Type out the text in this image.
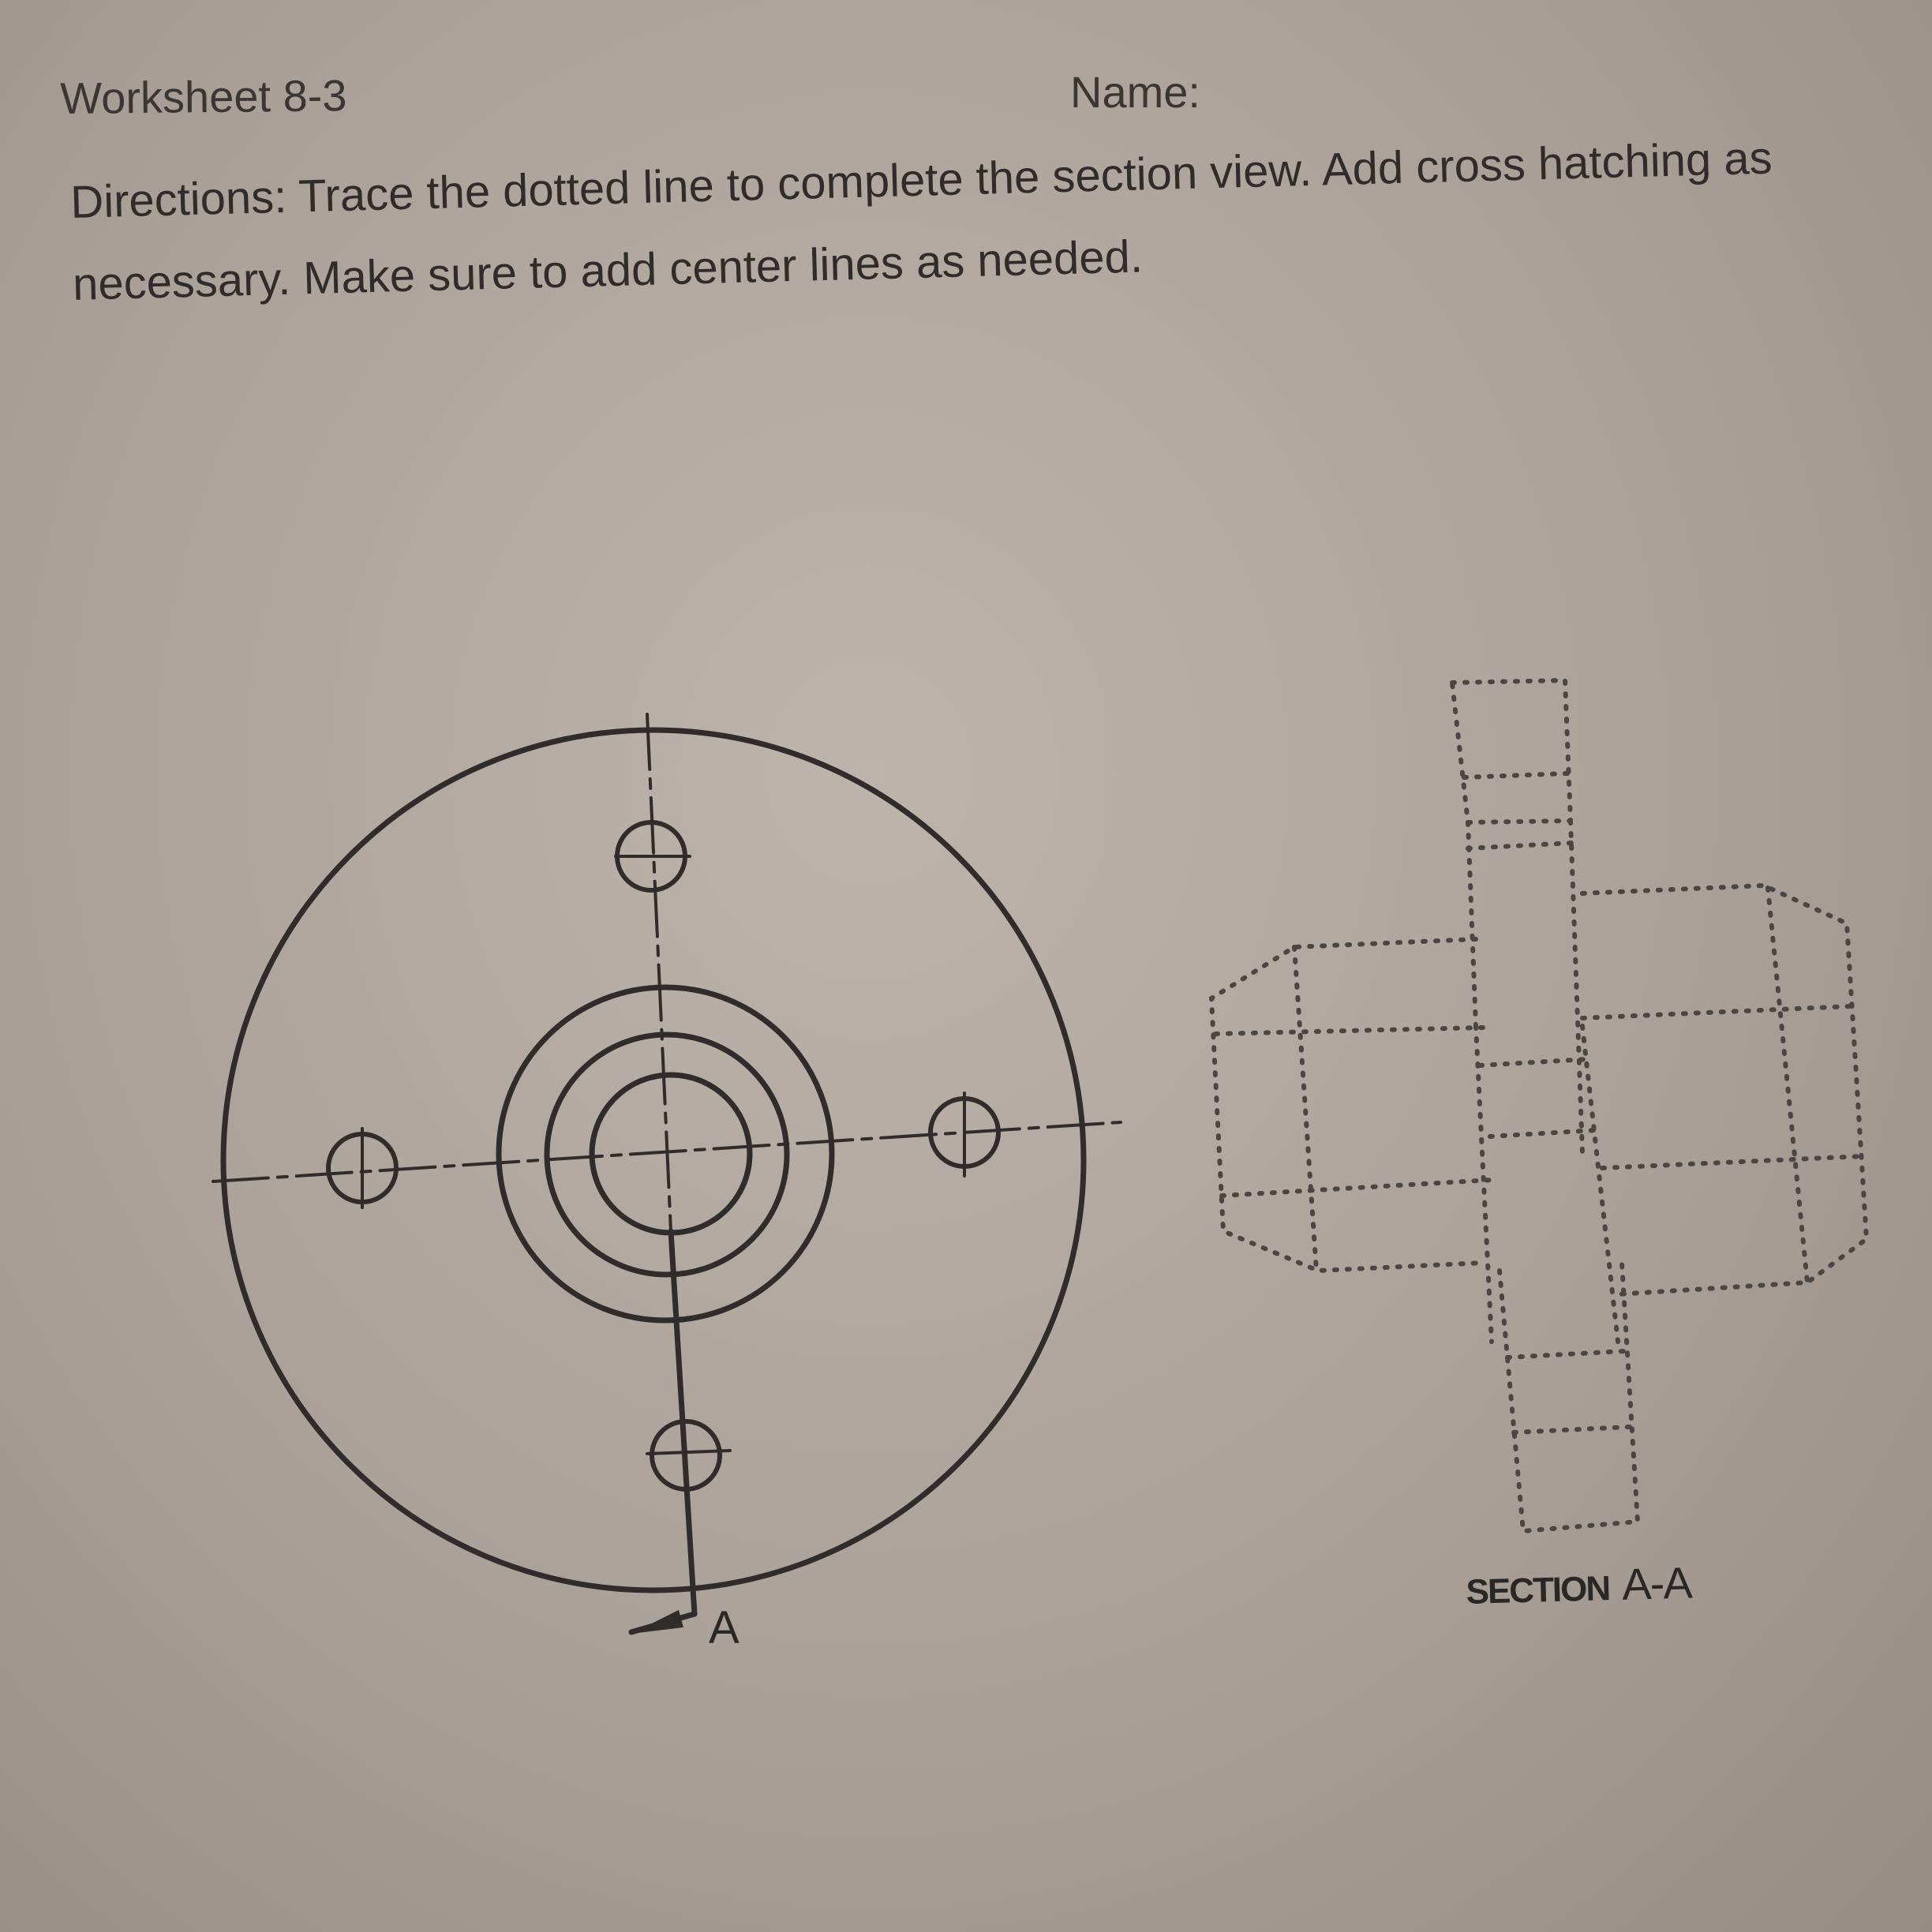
Worksheet 8-3	Name:

Directions: Trace the dotted line to complete the section view. Add cross hatching as necessary. Make sure to add center lines as needed.

A
SECTION A-A
